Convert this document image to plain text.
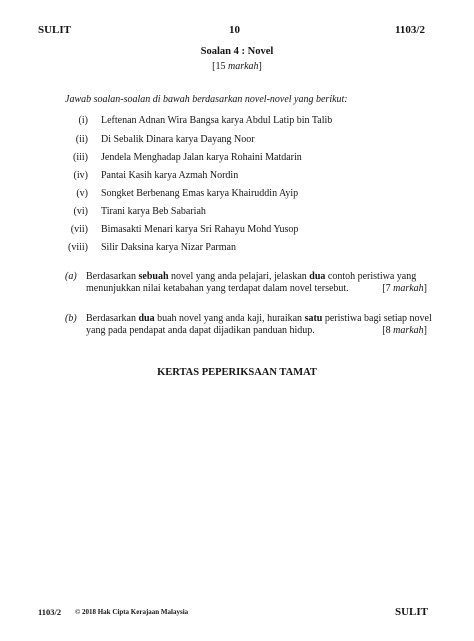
SULIT	10	1103/2
Soalan 4 : Novel
[15 markah]
Jawab soalan-soalan di bawah berdasarkan novel-novel yang berikut:
(i) Leftenan Adnan Wira Bangsa karya Abdul Latip bin Talib
(ii) Di Sebalik Dinara karya Dayang Noor
(iii) Jendela Menghadap Jalan karya Rohaini Matdarin
(iv) Pantai Kasih karya Azmah Nordin
(v) Songket Berbenang Emas karya Khairuddin Ayip
(vi) Tirani karya Beb Sabariah
(vii) Bimasakti Menari karya Sri Rahayu Mohd Yusop
(viii) Silir Daksina karya Nizar Parman
(a) Berdasarkan sebuah novel yang anda pelajari, jelaskan dua contoh peristiwa yang
menunjukkan nilai ketabahan yang terdapat dalam novel tersebut.	[7 markah]
(b) Berdasarkan dua buah novel yang anda kaji, huraikan satu peristiwa bagi setiap novel
yang pada pendapat anda dapat dijadikan panduan hidup.	[8 markah]
KERTAS PEPERIKSAAN TAMAT
1103/2 © 2018 Hak Cipta Kerajaan Malaysia	SULIT
